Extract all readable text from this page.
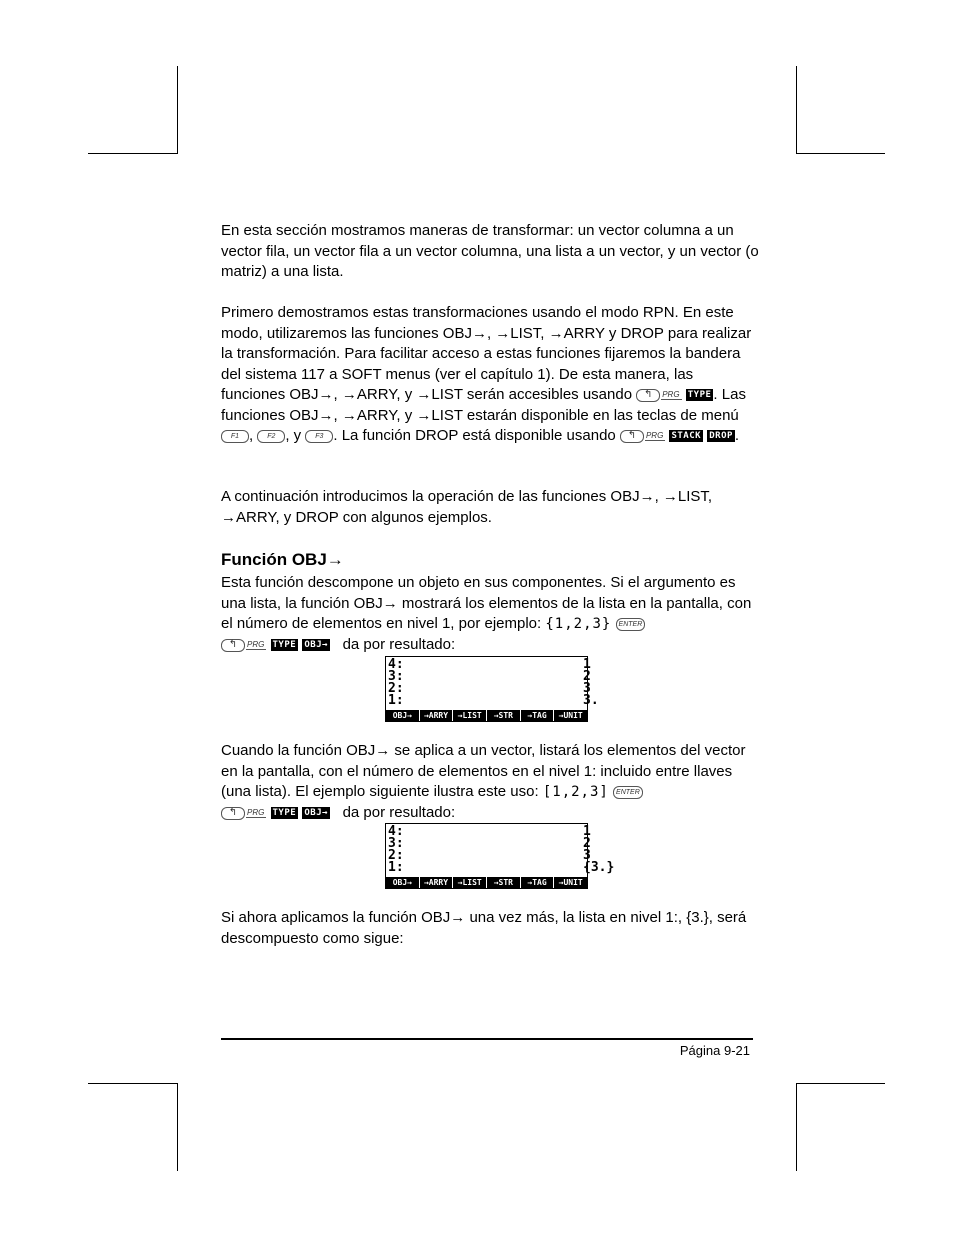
En esta sección mostramos maneras de transformar: un vector columna a un vector fila, un vector fila a un vector columna, una lista a un vector, y un vector (o matriz) a una lista.

Primero demostramos estas transformaciones usando el modo RPN. En este modo, utilizaremos las funciones OBJ→, →LIST, →ARRY y DROP para realizar la transformación. Para facilitar acceso a estas funciones fijaremos la bandera del sistema 117 a SOFT menus (ver el capítulo 1). De esta manera, las funciones OBJ→, →ARRY, y →LIST serán accesibles usando ↰ PRG TYPE . Las funciones OBJ→, →ARRY, y →LIST estarán disponible en las teclas de menú F1 , F2 , y F3 . La función DROP está disponible usando ↰ PRG STACK DROP .

A continuación introducimos la operación de las funciones OBJ→, →LIST, →ARRY, y DROP con algunos ejemplos.

Función OBJ→

Esta función descompone un objeto en sus componentes. Si el argumento es una lista, la función OBJ→ mostrará los elementos de la lista en la pantalla, con el número de elementos en nivel 1, por ejemplo: {1,2,3} ENTER
↰ PRG TYPE OBJ→ da por resultado:

4:	1
3:	2
2:	3
1:	3.
OBJ→	→ARRY	→LIST	→STR	→TAG	→UNIT

Cuando la función OBJ→ se aplica a un vector, listará los elementos del vector en la pantalla, con el número de elementos en el nivel 1: incluido entre llaves (una lista). El ejemplo siguiente ilustra este uso: [1,2,3] ENTER
↰ PRG TYPE OBJ→ da por resultado:

4:	1
3:	2
2:	3
1:	{3.}
OBJ→	→ARRY	→LIST	→STR	→TAG	→UNIT

Si ahora aplicamos la función OBJ→ una vez más, la lista en nivel 1:, {3.}, será descompuesto como sigue:

Página 9-21
